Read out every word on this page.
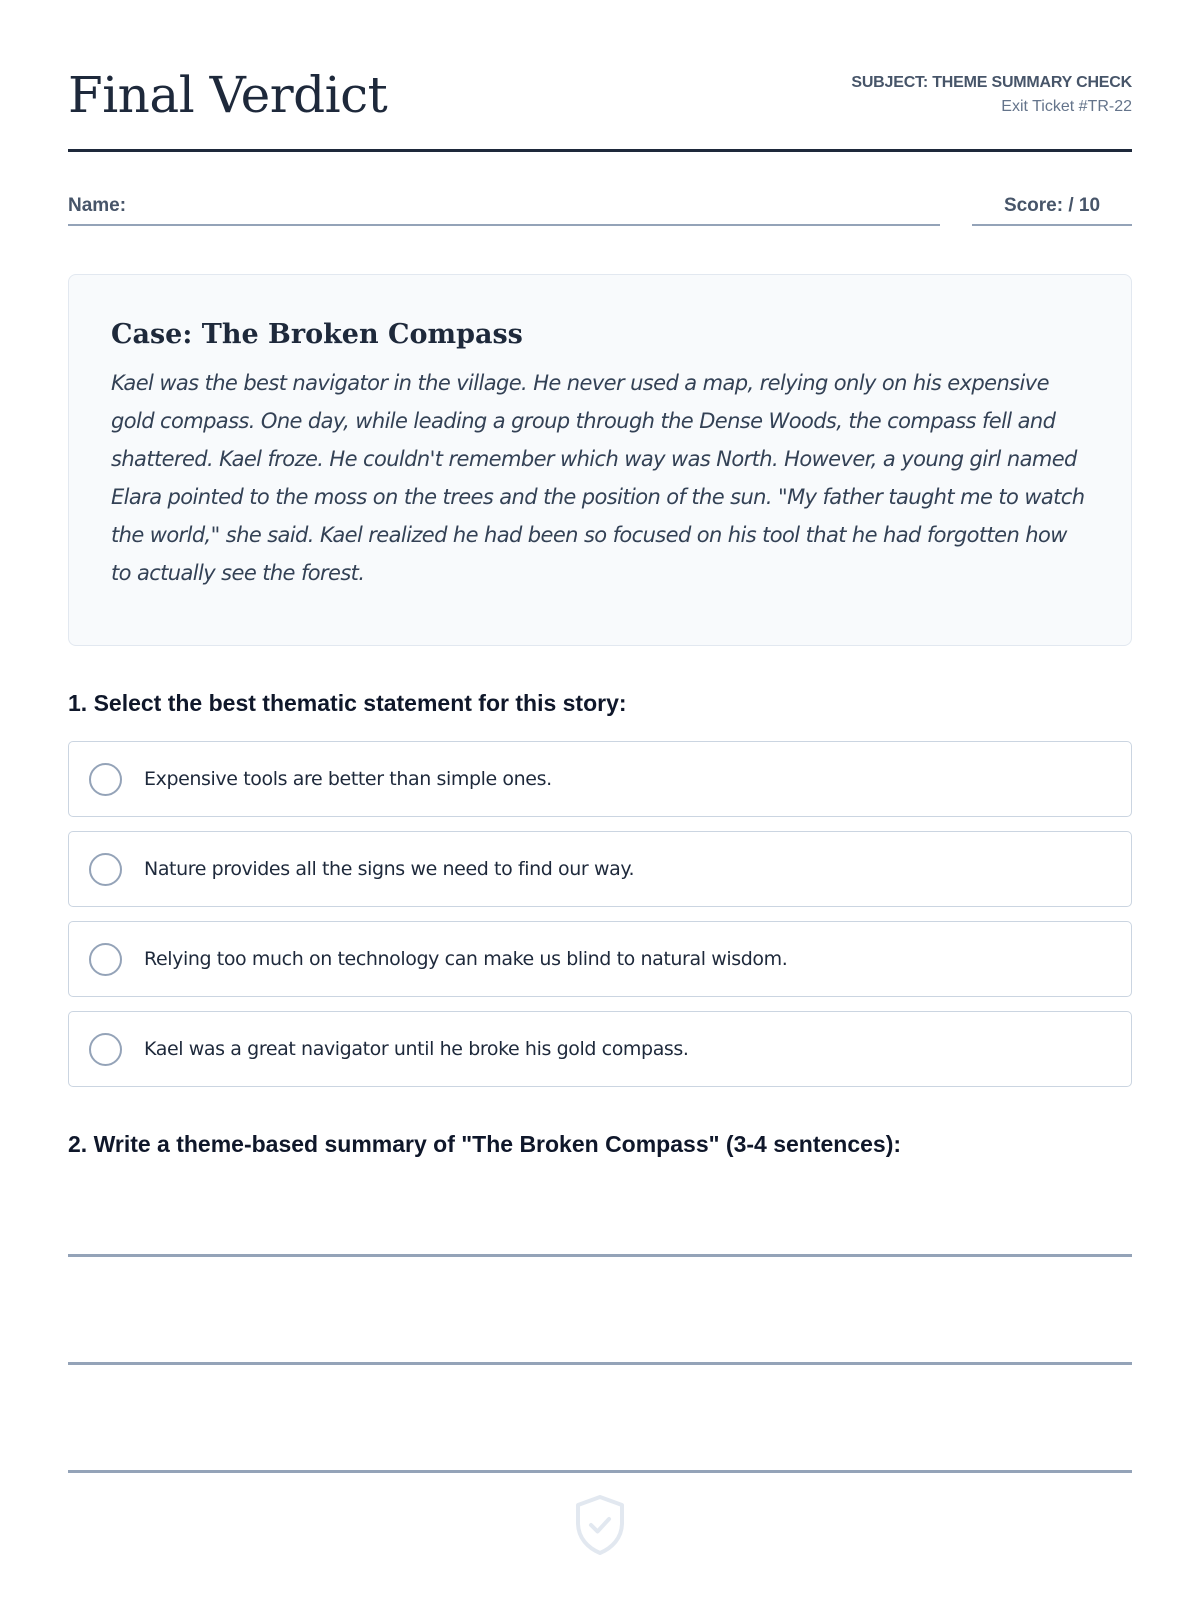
Final Verdict	SUBJECT: THEME SUMMARY CHECK
Exit Ticket #TR-22
Name:	Score: / 10
Case: The Broken Compass

Kael was the best navigator in the village. He never used a map, relying only on his expensive gold compass. One day, while leading a group through the Dense Woods, the compass fell and shattered. Kael froze. He couldn't remember which way was North. However, a young girl named Elara pointed to the moss on the trees and the position of the sun. "My father taught me to watch the world," she said. Kael realized he had been so focused on his tool that he had forgotten how to actually see the forest.

1. Select the best thematic statement for this story:
Expensive tools are better than simple ones.
Nature provides all the signs we need to find our way.
Relying too much on technology can make us blind to natural wisdom.
Kael was a great navigator until he broke his gold compass.
2. Write a theme-based summary of "The Broken Compass" (3-4 sentences):
